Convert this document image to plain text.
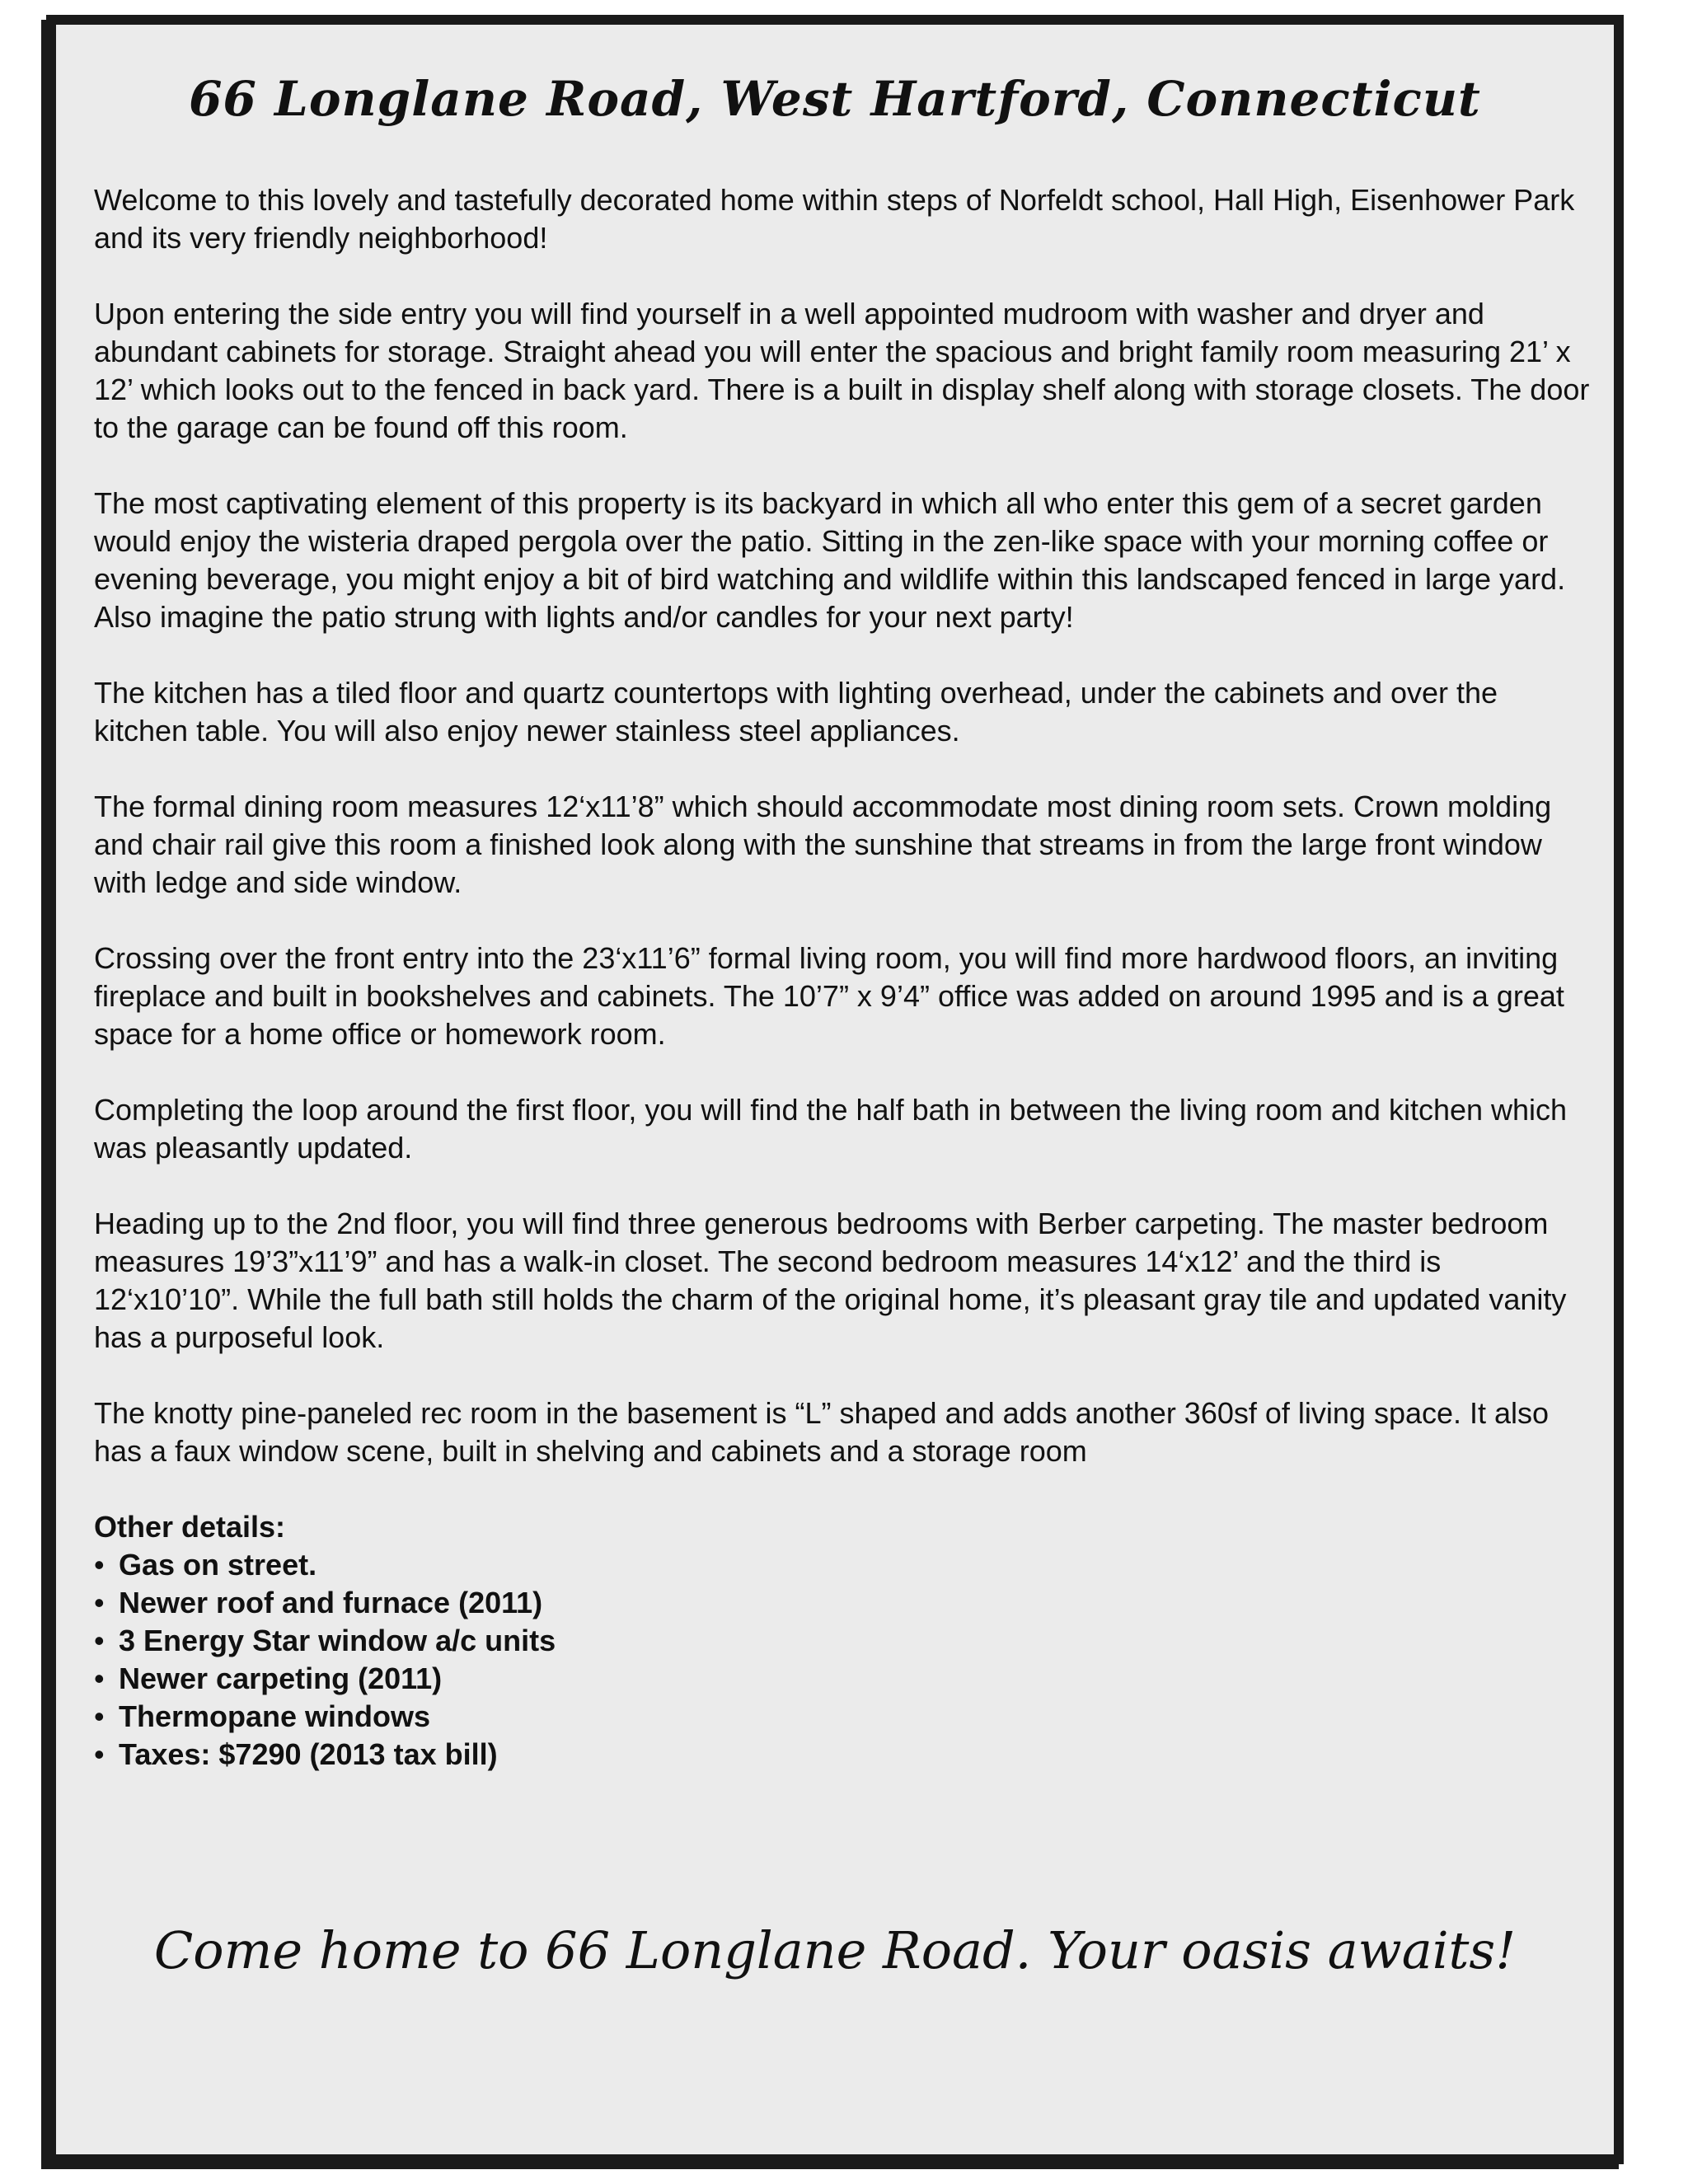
66 Longlane Road, West Hartford, Connecticut

Welcome to this lovely and tastefully decorated home within steps of Norfeldt school, Hall High, Eisenhower Park and its very friendly neighborhood!

Upon entering the side entry you will find yourself in a well appointed mudroom with washer and dryer and abundant cabinets for storage. Straight ahead you will enter the spacious and bright family room measuring 21’ x 12’ which looks out to the fenced in back yard. There is a built in display shelf along with storage closets. The door to the garage can be found off this room.

The most captivating element of this property is its backyard in which all who enter this gem of a secret garden would enjoy the wisteria draped pergola over the patio. Sitting in the zen-like space with your morning coffee or evening beverage, you might enjoy a bit of bird watching and wildlife within this landscaped fenced in large yard. Also imagine the patio strung with lights and/or candles for your next party!

The kitchen has a tiled floor and quartz countertops with lighting overhead, under the cabinets and over the kitchen table. You will also enjoy newer stainless steel appliances.

The formal dining room measures 12‘x11’8” which should accommodate most dining room sets. Crown molding and chair rail give this room a finished look along with the sunshine that streams in from the large front window with ledge and side window.

Crossing over the front entry into the 23‘x11’6” formal living room, you will find more hardwood floors, an inviting fireplace and built in bookshelves and cabinets. The 10’7” x 9’4” office was added on around 1995 and is a great space for a home office or homework room.

Completing the loop around the first floor, you will find the half bath in between the living room and kitchen which was pleasantly updated.

Heading up to the 2nd floor, you will find three generous bedrooms with Berber carpeting. The master bedroom measures 19’3”x11’9” and has a walk-in closet. The second bedroom measures 14‘x12’ and the third is 12‘x10’10”. While the full bath still holds the charm of the original home, it’s pleasant gray tile and updated vanity has a purposeful look.

The knotty pine-paneled rec room in the basement is “L” shaped and adds another 360sf of living space. It also has a faux window scene, built in shelving and cabinets and a storage room

Other details:
• Gas on street.
• Newer roof and furnace (2011)
• 3 Energy Star window a/c units
• Newer carpeting (2011)
• Thermopane windows
• Taxes: $7290 (2013 tax bill)

Come home to 66 Longlane Road. Your oasis awaits!
